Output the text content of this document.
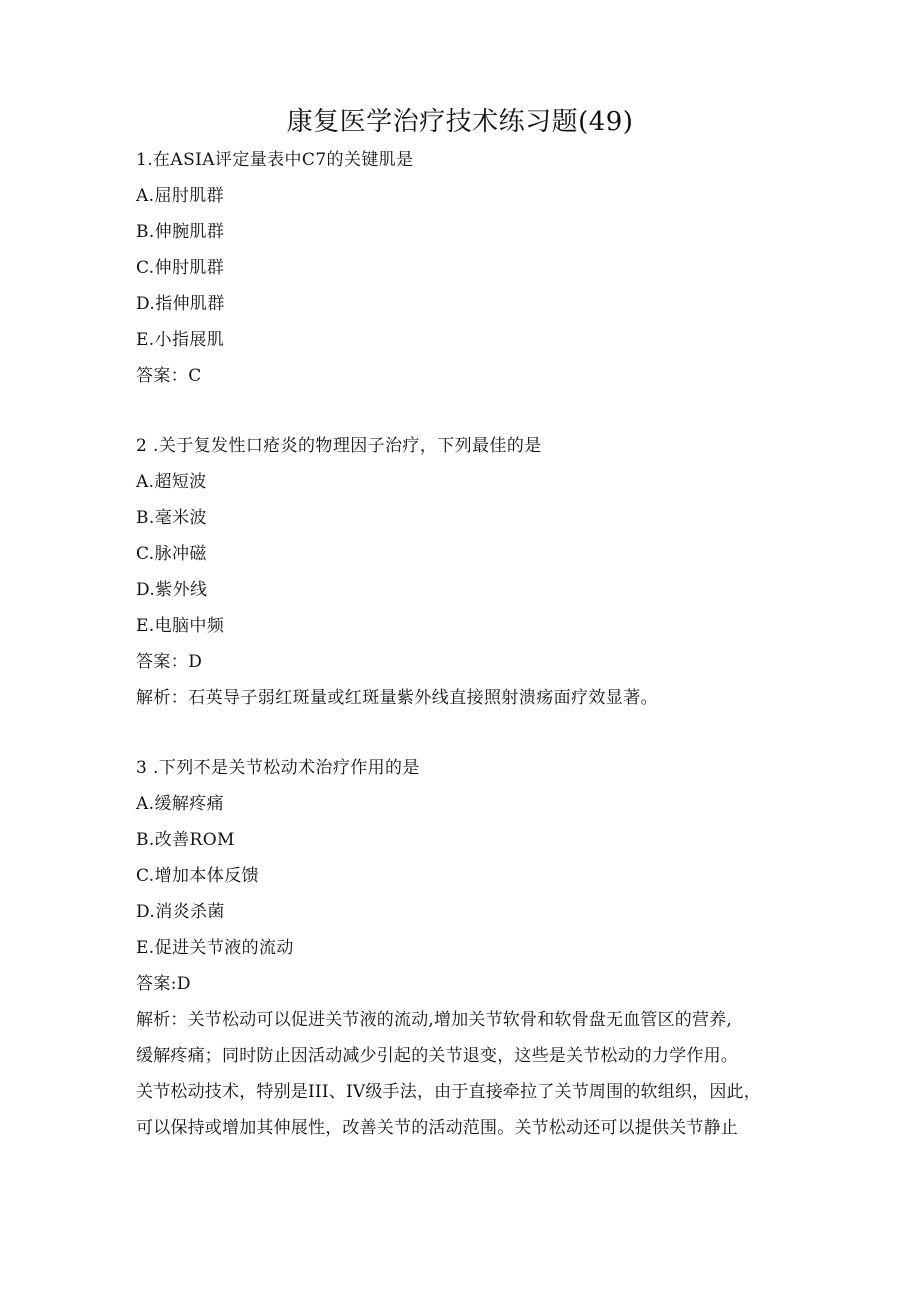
康复医学治疗技术练习题(49)
1.在ASIA评定量表中C7的关键肌是
A.屈肘肌群
B.伸腕肌群
C.伸肘肌群
D.指伸肌群
E.小指展肌
答案：C
2 .关于复发性口疮炎的物理因子治疗，下列最佳的是
A.超短波
B.毫米波
C.脉冲磁
D.紫外线
E.电脑中频
答案：D
解析：石英导子弱红斑量或红斑量紫外线直接照射溃疡面疗效显著。
3 .下列不是关节松动术治疗作用的是
A.缓解疼痛
B.改善ROM
C.增加本体反馈
D.消炎杀菌
E.促进关节液的流动
答案:D
解析：关节松动可以促进关节液的流动,增加关节软骨和软骨盘无血管区的营养,
缓解疼痛；同时防止因活动减少引起的关节退变，这些是关节松动的力学作用。
关节松动技术，特别是III、IV级手法，由于直接牵拉了关节周围的软组织，因此，
可以保持或增加其伸展性，改善关节的活动范围。关节松动还可以提供关节静止
